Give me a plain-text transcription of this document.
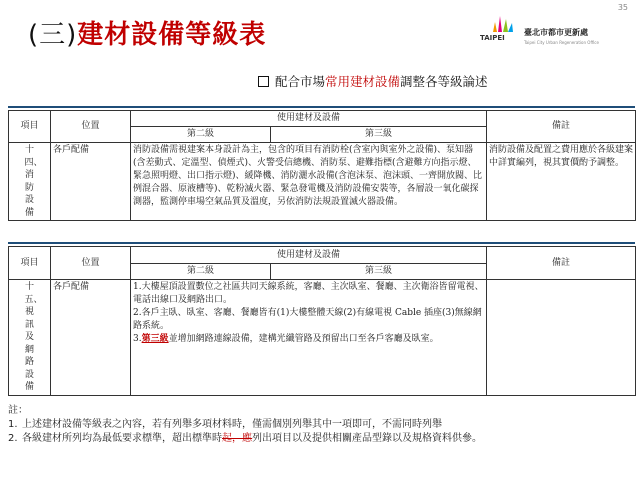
35
(三)建材設備等級表	TAIPEI
臺北市都市更新處
Taipei City Urban Regeneration Office
配合市場常用建材設備調整各等級論述
項目	位置	使用建材及設備		備註
		第二級	第三級	

十四、消防設備	各戶配備	消防設備需視建案本身設計為主，包含的項目有消防栓(含室內與室外之設備)、泵知器(含差動式、定溫型、偵煙式)、火警受信總機、消防泵、避難指標(含避難方向指示燈、緊急照明燈、出口指示燈)、緩降機、消防灑水設備(含泡沫泵、泡沫頭、一齊開放閥、比例混合器、原液槽等)、乾粉滅火器、緊急發電機及消防設備安裝等，各層設一氧化碳探測器，監測停車場空氣品質及溫度，另依消防法規設置滅火器設備。		消防設備及配置之費用應於各級建案中詳實編列，視其實價酌予調整。
項目	位置	使用建材及設備		備註
		第二級	第三級	

十五、視訊及網路設備	各戶配備	1.大樓屋頂設置數位之社區共同天線系統，客廳、主次臥室、餐廳、主次衛浴皆留電視、電話出線口及網路出口。
2.各戶主臥、臥室、客廳、餐廳皆有(1)大樓整體天線(2)有線電視 Cable 插座(3)無線網路系統。
3.第三級並增加網路連線設備，建構光纖管路及預留出口至各戶客廳及臥室。		

註：
1. 上述建材設備等級表之內容，若有列舉多項材料時，僅需個別列舉其中一項即可，不需同時列舉
2. 各級建材所列均為最低要求標準，超出標準時起，應列出項目以及提供相關產品型錄以及規格資料供參。
